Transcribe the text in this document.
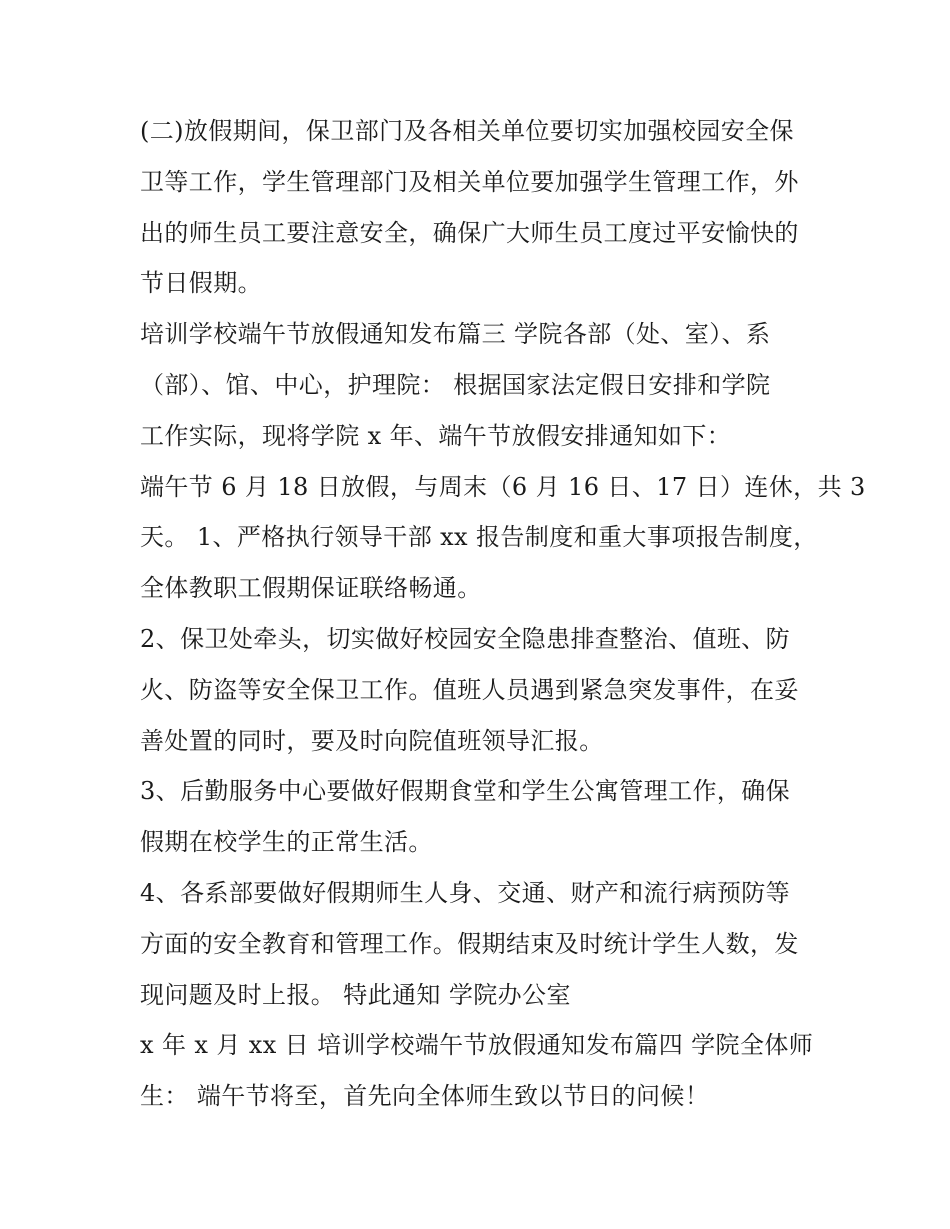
(二)放假期间，保卫部门及各相关单位要切实加强校园安全保
卫等工作，学生管理部门及相关单位要加强学生管理工作，外
出的师生员工要注意安全，确保广大师生员工度过平安愉快的
节日假期。
培训学校端午节放假通知发布篇三 学院各部（处、室）、系
（部）、馆、中心，护理院： 根据国家法定假日安排和学院
工作实际，现将学院 x 年、端午节放假安排通知如下：
端午节 6 月 18 日放假，与周末（6 月 16 日、17 日）连休，共 3
天。 1、严格执行领导干部 xx 报告制度和重大事项报告制度，
全体教职工假期保证联络畅通。
2、保卫处牵头，切实做好校园安全隐患排查整治、值班、防
火、防盗等安全保卫工作。值班人员遇到紧急突发事件，在妥
善处置的同时，要及时向院值班领导汇报。
3、后勤服务中心要做好假期食堂和学生公寓管理工作，确保
假期在校学生的正常生活。
4、各系部要做好假期师生人身、交通、财产和流行病预防等
方面的安全教育和管理工作。假期结束及时统计学生人数，发
现问题及时上报。 特此通知 学院办公室
x 年 x 月 xx 日 培训学校端午节放假通知发布篇四 学院全体师
生： 端午节将至，首先向全体师生致以节日的问候！
